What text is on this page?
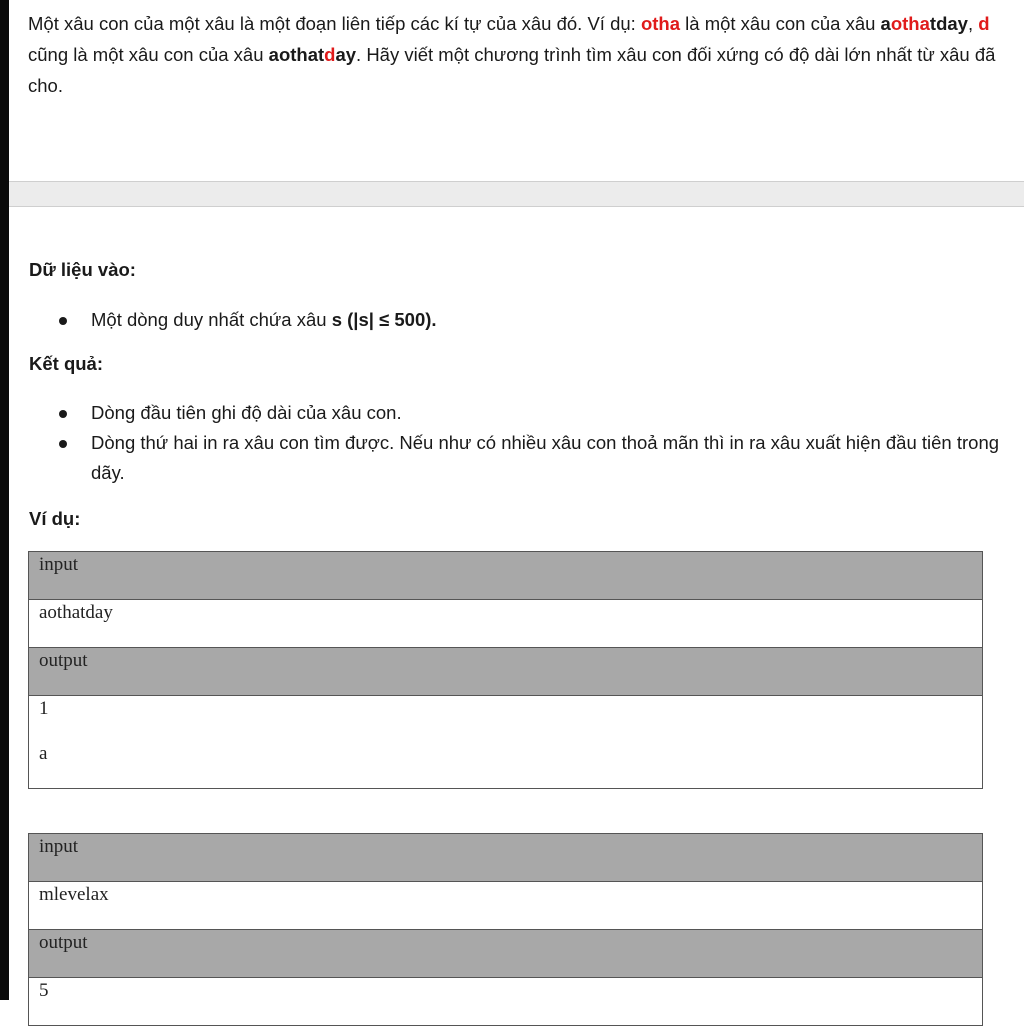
Một xâu con của một xâu là một đoạn liên tiếp các kí tự của xâu đó. Ví dụ: otha là một xâu con của xâu aothatday, d cũng là một xâu con của xâu aothatday. Hãy viết một chương trình tìm xâu con đối xứng có độ dài lớn nhất từ xâu đã cho.

Dữ liệu vào:
Một dòng duy nhất chứa xâu s (|s| ≤ 500).
Kết quả:
Dòng đầu tiên ghi độ dài của xâu con.
Dòng thứ hai in ra xâu con tìm được. Nếu như có nhiều xâu con thoả mãn thì in ra xâu xuất hiện đầu tiên trong dãy.
Ví dụ:
input
aothatday
output

1
a
input
mlevelax
output
5
